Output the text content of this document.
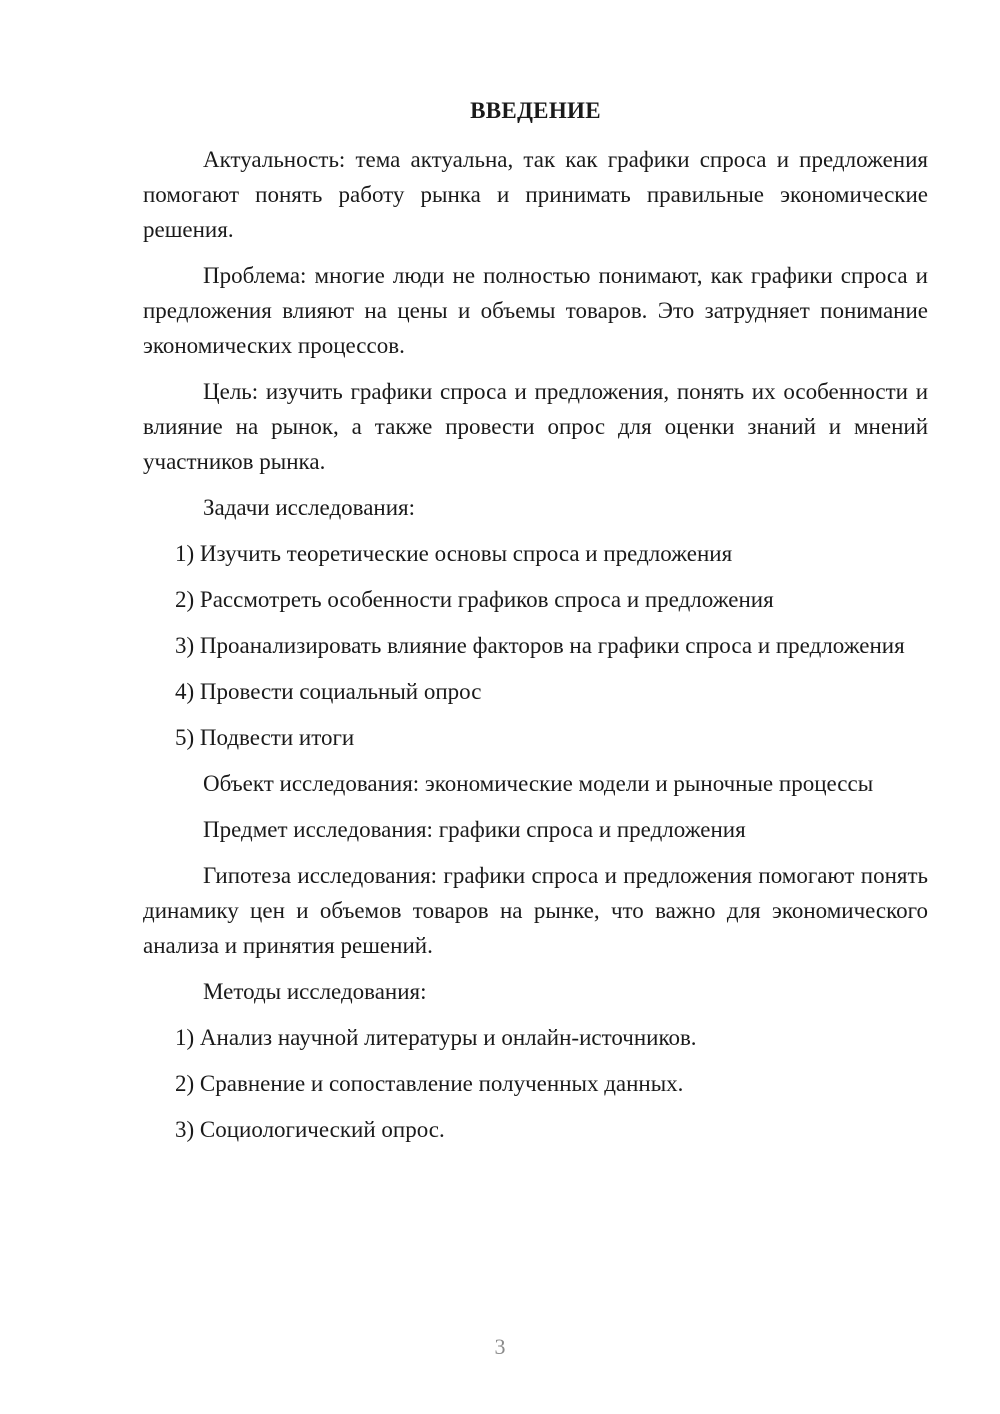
ВВЕДЕНИЕ

Актуальность: тема актуальна, так как графики спроса и предложения помогают понять работу рынка и принимать правильные экономические решения.

Проблема: многие люди не полностью понимают, как графики спроса и предложения влияют на цены и объемы товаров. Это затрудняет понимание экономических процессов.

Цель: изучить графики спроса и предложения, понять их особенности и влияние на рынок, а также провести опрос для оценки знаний и мнений участников рынка.

Задачи исследования:

1) Изучить теоретические основы спроса и предложения

2) Рассмотреть особенности графиков спроса и предложения

3) Проанализировать влияние факторов на графики спроса и предложения

4) Провести социальный опрос

5) Подвести итоги

Объект исследования: экономические модели и рыночные процессы

Предмет исследования: графики спроса и предложения

Гипотеза исследования: графики спроса и предложения помогают понять динамику цен и объемов товаров на рынке, что важно для экономического анализа и принятия решений.

Методы исследования:

1) Анализ научной литературы и онлайн-источников.

2) Сравнение и сопоставление полученных данных.

3) Социологический опрос.

3
